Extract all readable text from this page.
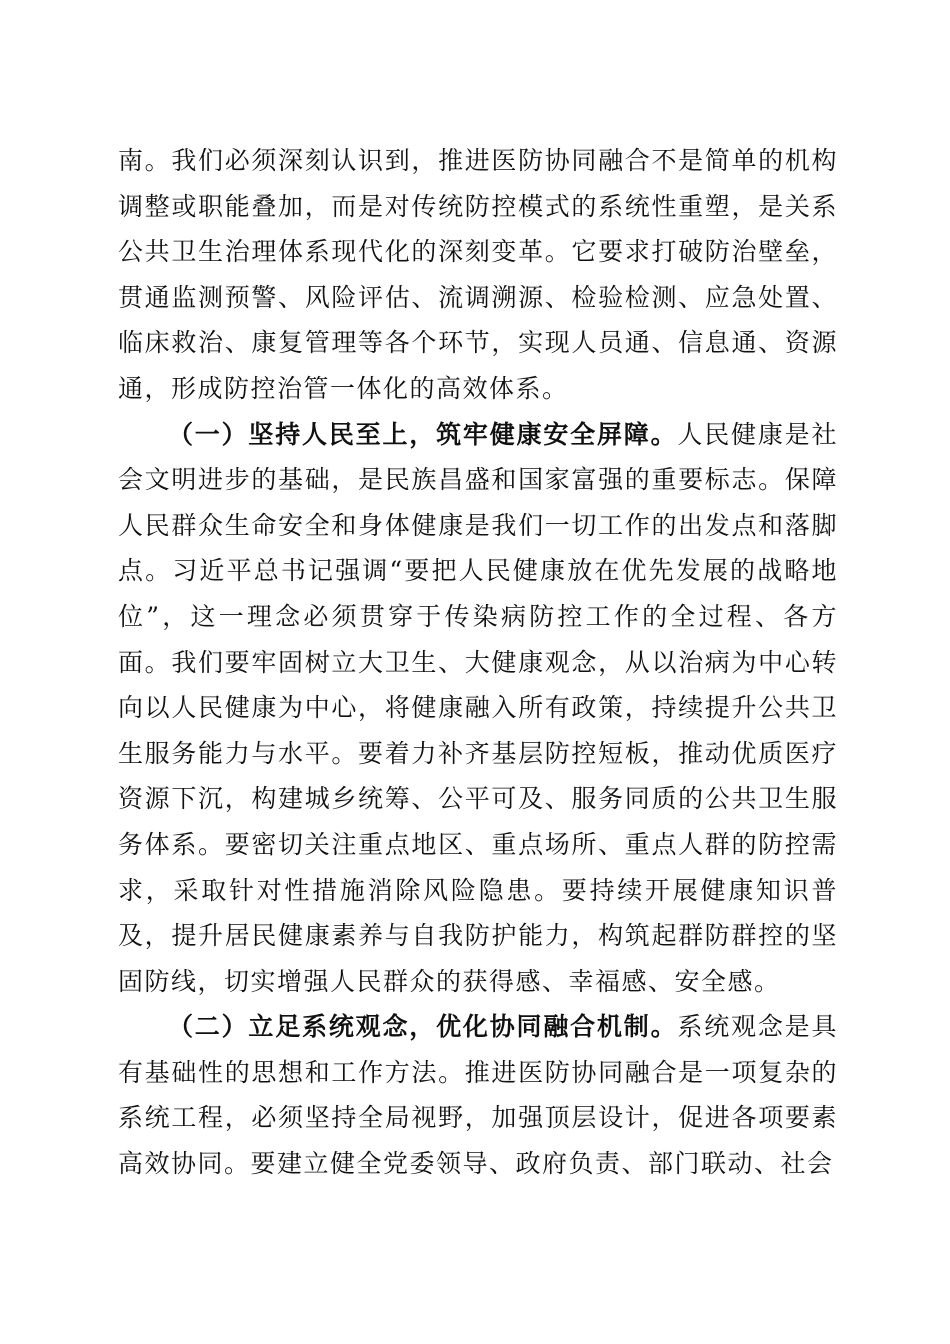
南。我们必须深刻认识到，推进医防协同融合不是简单的机构调整或职能叠加，而是对传统防控模式的系统性重塑，是关系公共卫生治理体系现代化的深刻变革。它要求打破防治壁垒，贯通监测预警、风险评估、流调溯源、检验检测、应急处置、临床救治、康复管理等各个环节，实现人员通、信息通、资源通，形成防控治管一体化的高效体系。

（一）坚持人民至上，筑牢健康安全屏障。人民健康是社会文明进步的基础，是民族昌盛和国家富强的重要标志。保障人民群众生命安全和身体健康是我们一切工作的出发点和落脚点。习近平总书记强调“要把人民健康放在优先发展的战略地位”，这一理念必须贯穿于传染病防控工作的全过程、各方面。我们要牢固树立大卫生、大健康观念，从以治病为中心转向以人民健康为中心，将健康融入所有政策，持续提升公共卫生服务能力与水平。要着力补齐基层防控短板，推动优质医疗资源下沉，构建城乡统筹、公平可及、服务同质的公共卫生服务体系。要密切关注重点地区、重点场所、重点人群的防控需求，采取针对性措施消除风险隐患。要持续开展健康知识普及，提升居民健康素养与自我防护能力，构筑起群防群控的坚固防线，切实增强人民群众的获得感、幸福感、安全感。

（二）立足系统观念，优化协同融合机制。系统观念是具有基础性的思想和工作方法。推进医防协同融合是一项复杂的系统工程，必须坚持全局视野，加强顶层设计，促进各项要素高效协同。要建立健全党委领导、政府负责、部门联动、社会
